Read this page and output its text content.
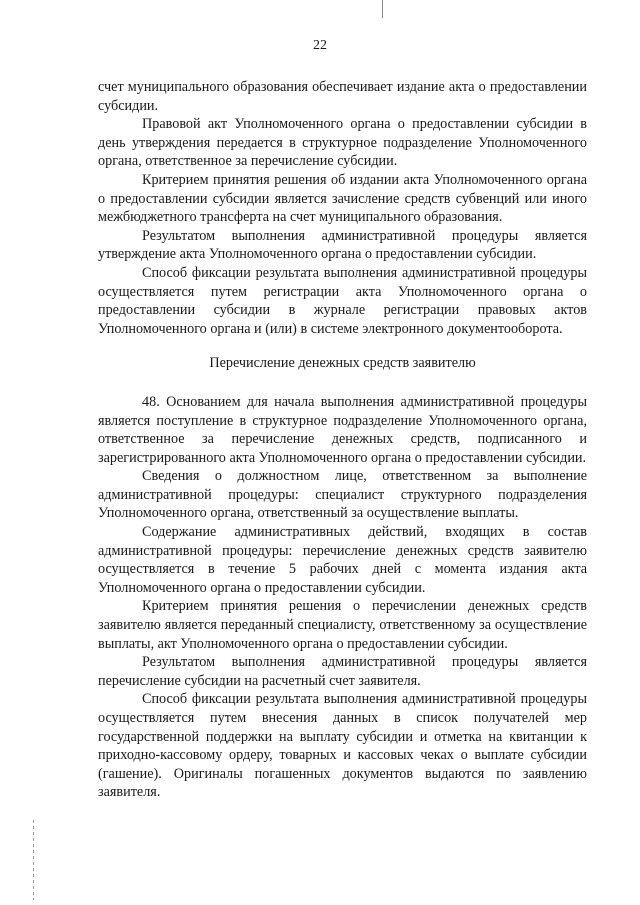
22

счет муниципального образования обеспечивает издание акта о предоставлении субсидии.

Правовой акт Уполномоченного органа о предоставлении субсидии в день утверждения передается в структурное подразделение Уполномоченного органа, ответственное за перечисление субсидии.

Критерием принятия решения об издании акта Уполномоченного органа о предоставлении субсидии является зачисление средств субвенций или иного межбюджетного трансферта на счет муниципального образования.

Результатом выполнения административной процедуры является утверждение акта Уполномоченного органа о предоставлении субсидии.

Способ фиксации результата выполнения административной процедуры осуществляется путем регистрации акта Уполномоченного органа о предоставлении субсидии в журнале регистрации правовых актов Уполномоченного органа и (или) в системе электронного документооборота.

Перечисление денежных средств заявителю

48. Основанием для начала выполнения административной процедуры является поступление в структурное подразделение Уполномоченного органа, ответственное за перечисление денежных средств, подписанного и зарегистрированного акта Уполномоченного органа о предоставлении субсидии.

Сведения о должностном лице, ответственном за выполнение административной процедуры: специалист структурного подразделения Уполномоченного органа, ответственный за осуществление выплаты.

Содержание административных действий, входящих в состав административной процедуры: перечисление денежных средств заявителю осуществляется в течение 5 рабочих дней с момента издания акта Уполномоченного органа о предоставлении субсидии.

Критерием принятия решения о перечислении денежных средств заявителю является переданный специалисту, ответственному за осуществление выплаты, акт Уполномоченного органа о предоставлении субсидии.

Результатом выполнения административной процедуры является перечисление субсидии на расчетный счет заявителя.

Способ фиксации результата выполнения административной процедуры осуществляется путем внесения данных в список получателей мер государственной поддержки на выплату субсидии и отметка на квитанции к приходно-кассовому ордеру, товарных и кассовых чеках о выплате субсидии (гашение). Оригиналы погашенных документов выдаются по заявлению заявителя.
